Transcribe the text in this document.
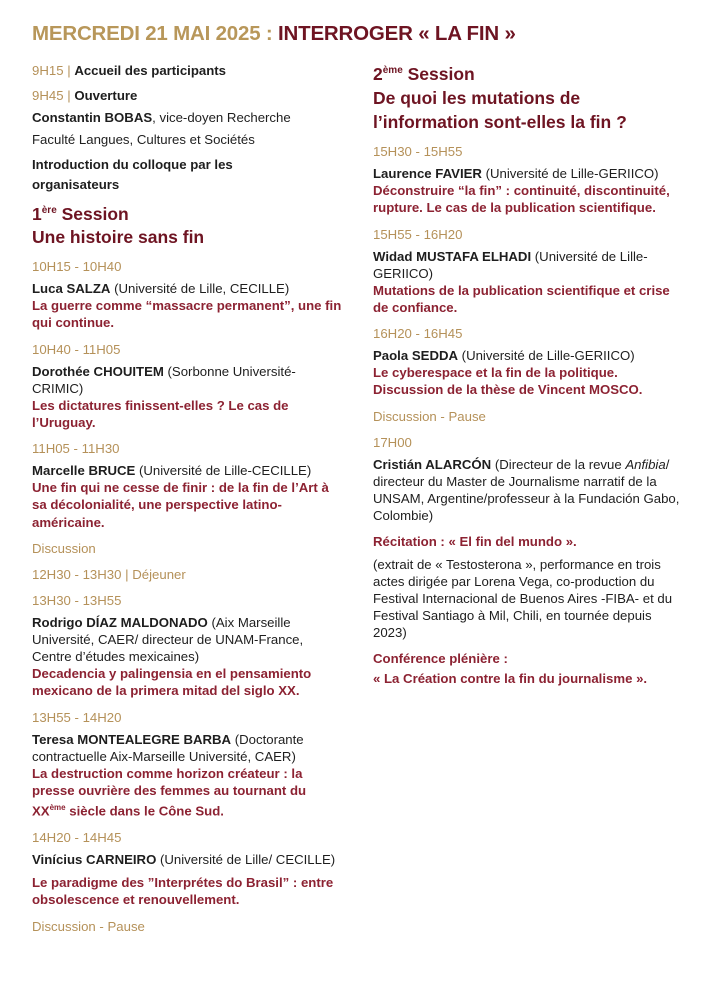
MERCREDI 21 MAI 2025 : INTERROGER « LA FIN »
9H15 | Accueil des participants
9H45 | Ouverture
Constantin BOBAS, vice-doyen Recherche
Faculté Langues, Cultures et Sociétés
Introduction du colloque par les organisateurs
1ère Session
Une histoire sans fin
10H15 - 10H40
Luca SALZA (Université de Lille, CECILLE)
La guerre comme “massacre permanent”, une fin qui continue.
10H40 - 11H05
Dorothée CHOUITEM (Sorbonne Université-CRIMIC)
Les dictatures finissent-elles ? Le cas de l’Uruguay.
11H05 - 11H30
Marcelle BRUCE (Université de Lille-CECILLE)
Une fin qui ne cesse de finir : de la fin de l’Art à sa décolonialité, une perspective latino-américaine.
Discussion
12H30 - 13H30 | Déjeuner
13H30 - 13H55
Rodrigo DÍAZ MALDONADO (Aix Marseille Université, CAER/ directeur de UNAM-France, Centre d’études mexicaines)
Decadencia y palingensia en el pensamiento mexicano de la primera mitad del siglo XX.
13H55 - 14H20
Teresa MONTEALEGRE BARBA (Doctorante contractuelle Aix-Marseille Université, CAER)
La destruction comme horizon créateur : la presse ouvrière des femmes au tournant du XXème siècle dans le Cône Sud.
14H20 - 14H45
Vinícius CARNEIRO (Université de Lille/ CECILLE)
Le paradigme des ”Interprétes do Brasil” : entre obsolescence et renouvellement.
Discussion - Pause
2ème Session
De quoi les mutations de l’information sont-elles la fin ?
15H30 - 15H55
Laurence FAVIER (Université de Lille-GERIICO)
Déconstruire “la fin” : continuité, discontinuité, rupture. Le cas de la publication scientifique.
15H55 - 16H20
Widad MUSTAFA ELHADI (Université de Lille-GERIICO)
Mutations de la publication scientifique et crise de confiance.
16H20 - 16H45
Paola SEDDA (Université de Lille-GERIICO)
Le cyberespace et la fin de la politique. Discussion de la thèse de Vincent MOSCO.
Discussion - Pause
17H00
Cristián ALARCÓN (Directeur de la revue Anfibia/ directeur du Master de Journalisme narratif de la UNSAM, Argentine/professeur à la Fundación Gabo, Colombie)
Récitation : « El fin del mundo ».
(extrait de « Testosterona », performance en trois actes dirigée par Lorena Vega, co-production du Festival Internacional de Buenos Aires -FIBA- et du Festival Santiago à Mil, Chili, en tournée depuis 2023)
Conférence plénière :
« La Création contre la fin du journalisme ».
